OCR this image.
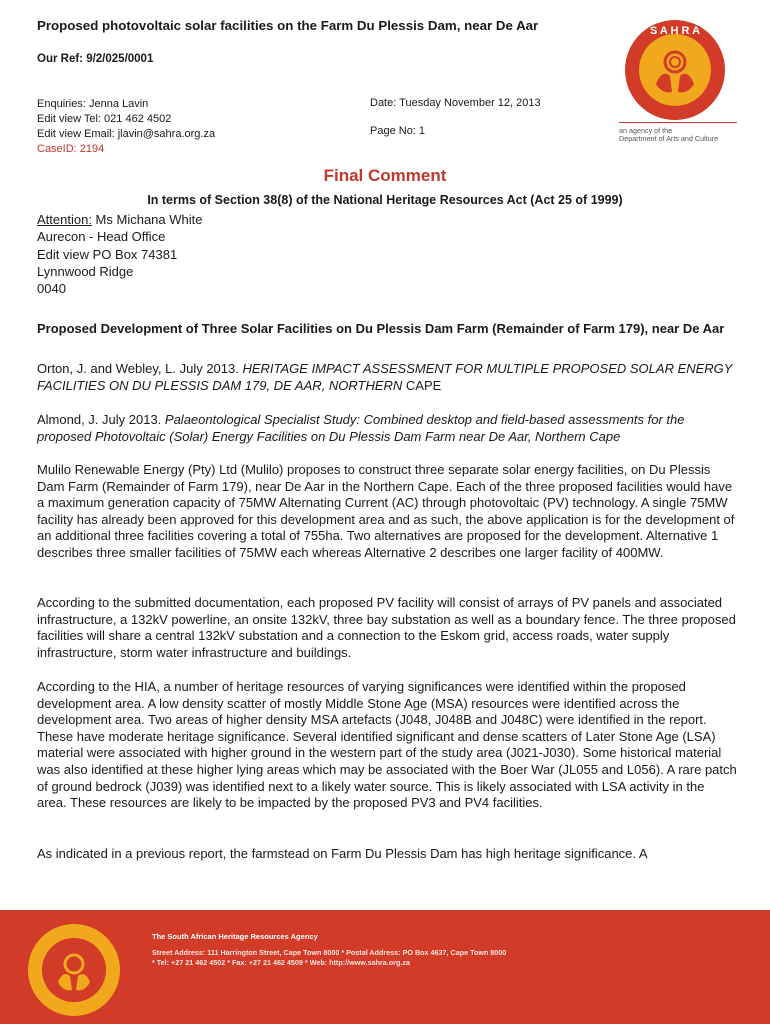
Proposed photovoltaic solar facilities on the Farm Du Plessis Dam, near De Aar
Our Ref: 9/2/025/0001
Enquiries: Jenna Lavin
Edit view Tel: 021 462 4502
Edit view Email: jlavin@sahra.org.za
CaseID: 2194
Date: Tuesday November 12, 2013
Page No: 1
S A H R A
an agency of the
Department of Arts and Culture
Final Comment
In terms of Section 38(8) of the National Heritage Resources Act (Act 25 of 1999)
Attention: Ms Michana White
Aurecon - Head Office
Edit view PO Box 74381
Lynnwood Ridge
0040
Proposed Development of Three Solar Facilities on Du Plessis Dam Farm (Remainder of Farm 179), near De Aar
Orton, J. and Webley, L. July 2013. HERITAGE IMPACT ASSESSMENT FOR MULTIPLE PROPOSED SOLAR ENERGY FACILITIES ON DU PLESSIS DAM 179, DE AAR, NORTHERN CAPE
Almond, J. July 2013. Palaeontological Specialist Study: Combined desktop and field-based assessments for the proposed Photovoltaic (Solar) Energy Facilities on Du Plessis Dam Farm near De Aar, Northern Cape
Mulilo Renewable Energy (Pty) Ltd (Mulilo) proposes to construct three separate solar energy facilities, on Du Plessis Dam Farm (Remainder of Farm 179), near De Aar in the Northern Cape. Each of the three proposed facilities would have a maximum generation capacity of 75MW Alternating Current (AC) through photovoltaic (PV) technology. A single 75MW facility has already been approved for this development area and as such, the above application is for the development of an additional three facilities covering a total of 755ha. Two alternatives are proposed for the development. Alternative 1 describes three smaller facilities of 75MW each whereas Alternative 2 describes one larger facility of 400MW.
According to the submitted documentation, each proposed PV facility will consist of arrays of PV panels and associated infrastructure, a 132kV powerline, an onsite 132kV, three bay substation as well as a boundary fence. The three proposed facilities will share a central 132kV substation and a connection to the Eskom grid, access roads, water supply infrastructure, storm water infrastructure and buildings.
According to the HIA, a number of heritage resources of varying significances were identified within the proposed development area. A low density scatter of mostly Middle Stone Age (MSA) resources were identified across the development area. Two areas of higher density MSA artefacts (J048, J048B and J048C) were identified in the report. These have moderate heritage significance. Several identified significant and dense scatters of Later Stone Age (LSA) material were associated with higher ground in the western part of the study area (J021-J030). Some historical material was also identified at these higher lying areas which may be associated with the Boer War (JL055 and L056). A rare patch of ground bedrock (J039) was identified next to a likely water source. This is likely associated with LSA activity in the area. These resources are likely to be impacted by the proposed PV3 and PV4 facilities.
As indicated in a previous report, the farmstead on Farm Du Plessis Dam has high heritage significance. A
The South African Heritage Resources Agency
Street Address: 111 Harrington Street, Cape Town 8000 * Postal Address: PO Box 4637, Cape Town 8000
* Tel: +27 21 462 4502 * Fax: +27 21 462 4509 * Web: http://www.sahra.org.za
